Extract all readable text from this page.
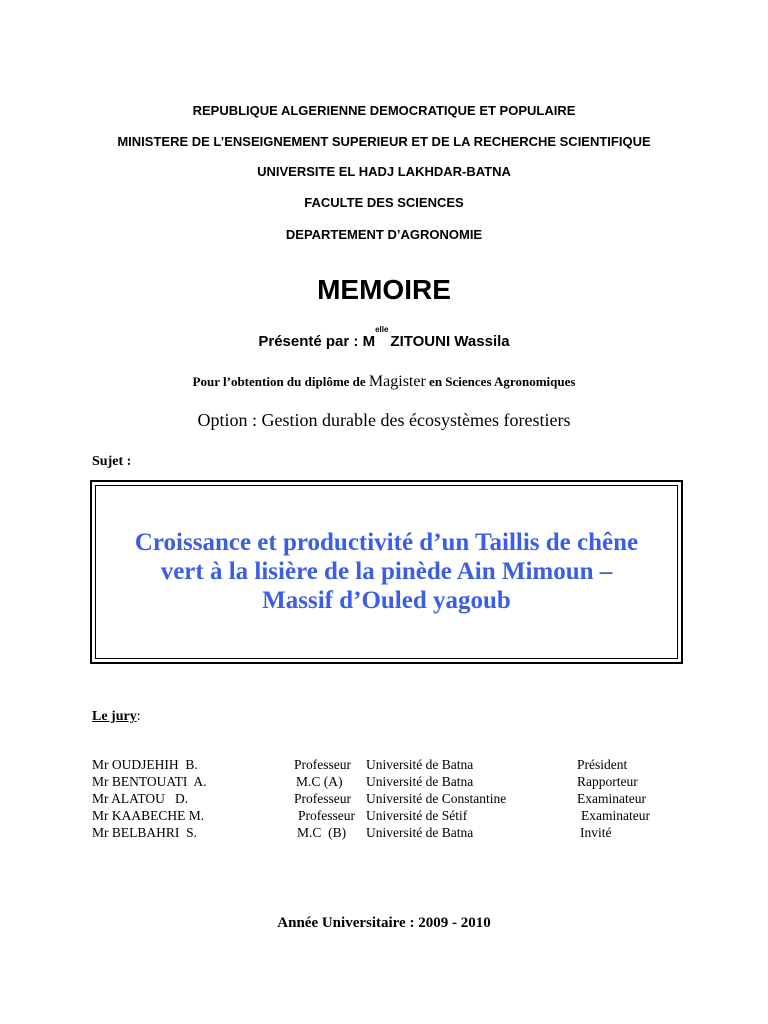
REPUBLIQUE ALGERIENNE DEMOCRATIQUE ET POPULAIRE

MINISTERE DE L’ENSEIGNEMENT SUPERIEUR ET DE LA RECHERCHE SCIENTIFIQUE

UNIVERSITE EL HADJ LAKHDAR-BATNA

FACULTE DES SCIENCES

DEPARTEMENT D’AGRONOMIE

MEMOIRE
Présenté par : $M^{elle}ZITOUNI$ Wassila
Pour l’obtention du diplôme de Magister en Sciences Agronomiques
Option : Gestion durable des écosystèmes forestiers
Sujet :
Croissance et productivité d’un Taillis de chêne
vert à la lisière de la pinède Ain Mimoun –
Massif d’Ouled yagoub
Le jury:
Mr OUDJEHIH  B.	Professeur Université de Batna	Président
Mr BENTOUATI  A.	M.C (A) Université de Batna	Rapporteur
Mr ALATOU   D.	Professeur Université de Constantine	Examinateur
Mr KAABECHE M.	Professeur Université de Sétif	Examinateur
Mr BELBAHRI  S.	M.C  (B) Université de Batna	Invité
Année Universitaire : 2009 - 2010
